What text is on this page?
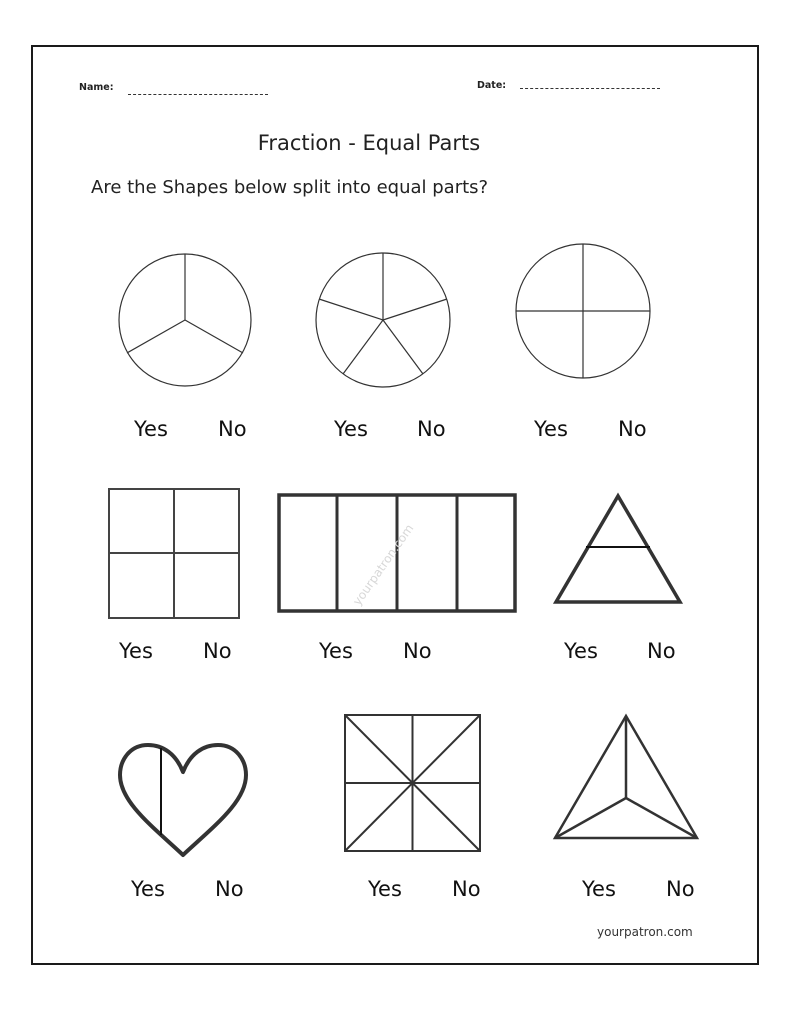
Name:	Date:
Fraction - Equal Parts
Are the Shapes below split into equal parts?
Yes No	Yes No	Yes No
yourpatron.com
Yes No	Yes No	Yes No
Yes No	Yes No	Yes No
yourpatron.com
